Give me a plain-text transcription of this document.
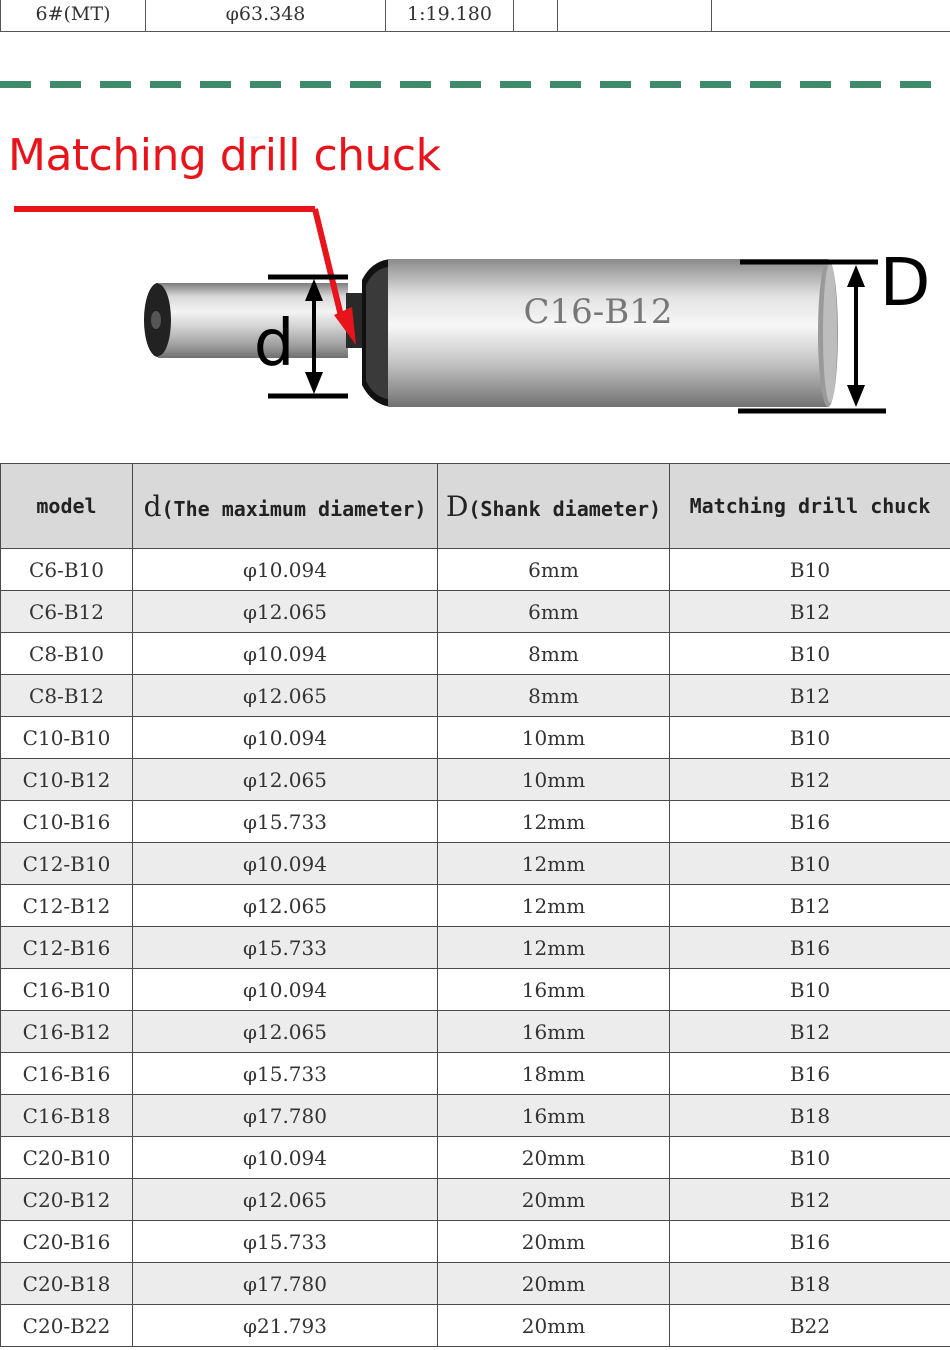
6#(MT)	φ63.348	1:19.180
Matching drill chuck
C16-B12
d
D
model	d(The maximum diameter)	D(Shank diameter)	Matching drill chuck
C6-B10	φ10.094	6mm	B10
C6-B12	φ12.065	6mm	B12
C8-B10	φ10.094	8mm	B10
C8-B12	φ12.065	8mm	B12
C10-B10	φ10.094	10mm	B10
C10-B12	φ12.065	10mm	B12
C10-B16	φ15.733	12mm	B16
C12-B10	φ10.094	12mm	B10
C12-B12	φ12.065	12mm	B12
C12-B16	φ15.733	12mm	B16
C16-B10	φ10.094	16mm	B10
C16-B12	φ12.065	16mm	B12
C16-B16	φ15.733	18mm	B16
C16-B18	φ17.780	16mm	B18
C20-B10	φ10.094	20mm	B10
C20-B12	φ12.065	20mm	B12
C20-B16	φ15.733	20mm	B16
C20-B18	φ17.780	20mm	B18
C20-B22	φ21.793	20mm	B22
